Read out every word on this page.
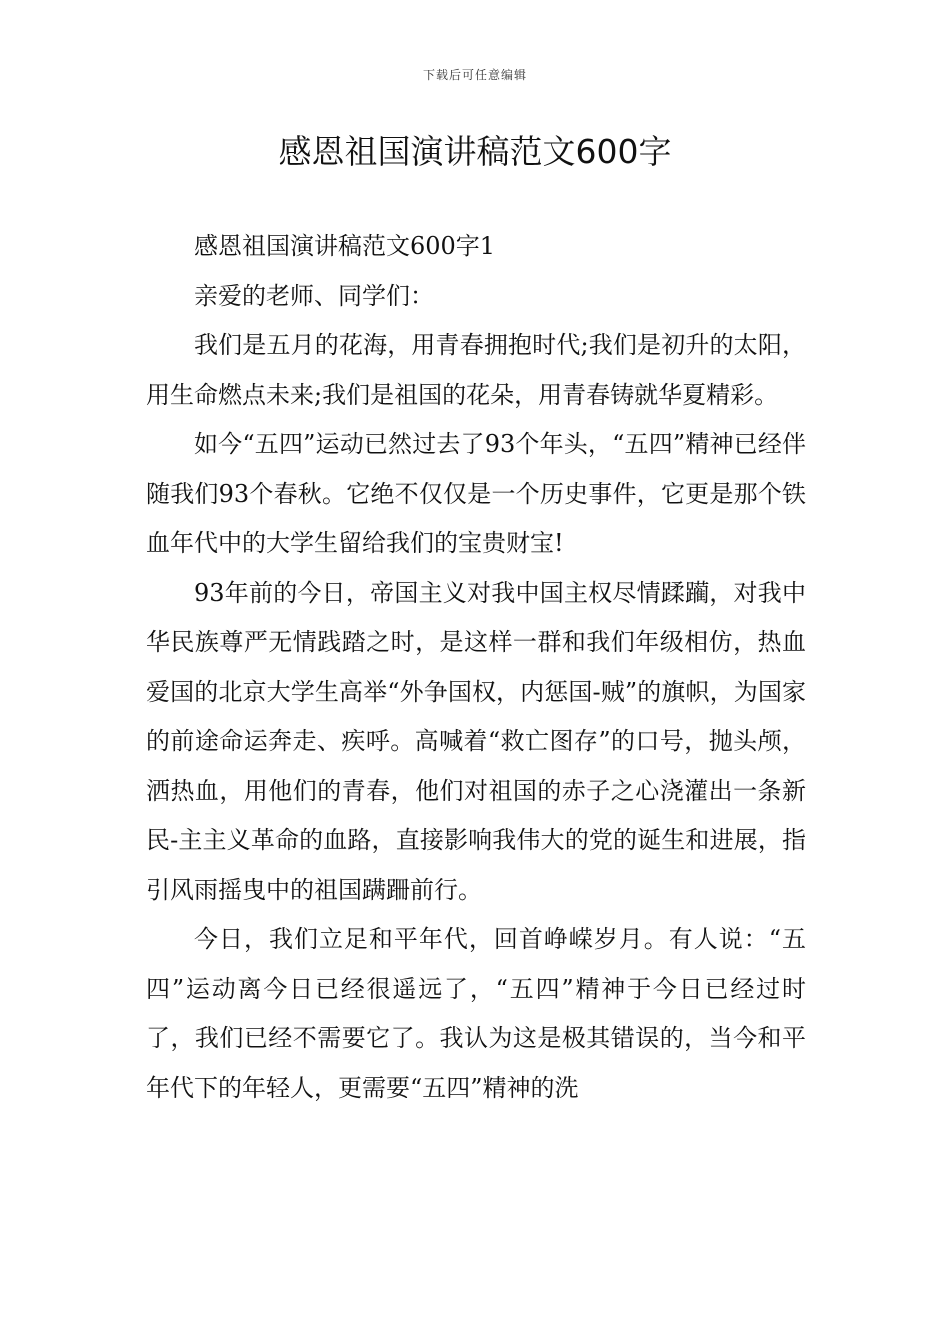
下载后可任意编辑
感恩祖国演讲稿范文600字

感恩祖国演讲稿范文600字1

亲爱的老师、同学们：

我们是五月的花海，用青春拥抱时代;我们是初升的太阳，用生命燃点未来;我们是祖国的花朵，用青春铸就华夏精彩。

如今“五四”运动已然过去了93个年头，“五四”精神已经伴随我们93个春秋。它绝不仅仅是一个历史事件，它更是那个铁血年代中的大学生留给我们的宝贵财宝!

93年前的今日，帝国主义对我中国主权尽情蹂躏，对我中华民族尊严无情践踏之时，是这样一群和我们年级相仿，热血爱国的北京大学生高举“外争国权，内惩国-贼”的旗帜，为国家的前途命运奔走、疾呼。高喊着“救亡图存”的口号，抛头颅，洒热血，用他们的青春，他们对祖国的赤子之心浇灌出一条新民-主主义革命的血路，直接影响我伟大的党的诞生和进展，指引风雨摇曳中的祖国蹒跚前行。

今日，我们立足和平年代，回首峥嵘岁月。有人说：“五四”运动离今日已经很遥远了，“五四”精神于今日已经过时了，我们已经不需要它了。我认为这是极其错误的，当今和平年代下的年轻人，更需要“五四”精神的洗
